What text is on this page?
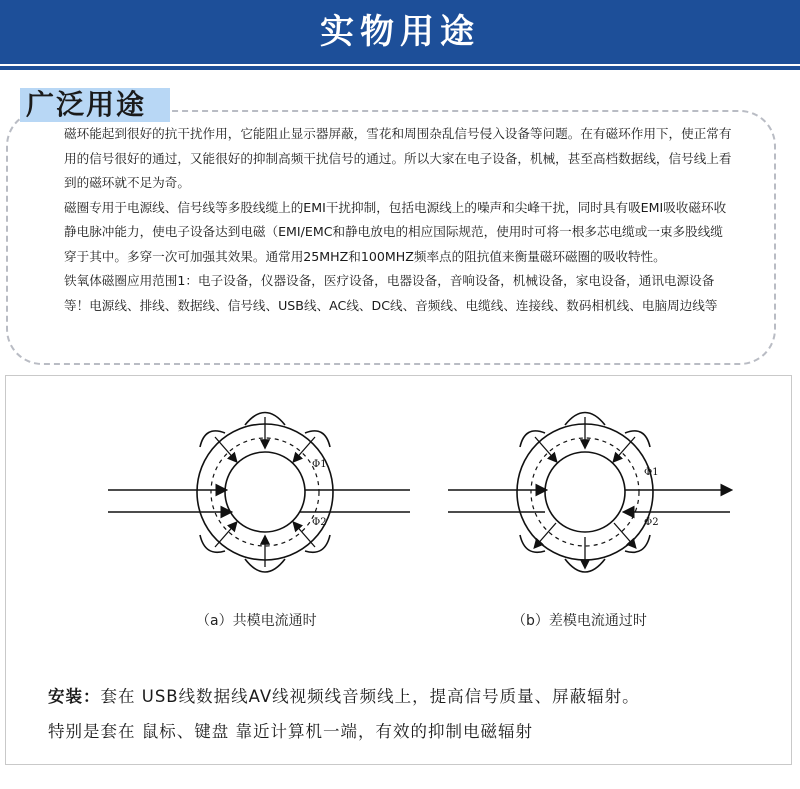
实物用途
广泛用途

磁环能起到很好的抗干扰作用，它能阻止显示器屏蔽，雪花和周围杂乱信号侵入设备等问题。在有磁环作用下，使正常有用的信号很好的通过，又能很好的抑制高频干扰信号的通过。所以大家在电子设备，机械，甚至高档数据线，信号线上看到的磁环就不足为奇。

磁圈专用于电源线、信号线等多股线缆上的EMI干扰抑制，包括电源线上的噪声和尖峰干扰，同时具有吸EMI吸收磁环收静电脉冲能力，使电子设备达到电磁（EMI/EMC和静电放电的相应国际规范，使用时可将一根多芯电缆或一束多股线缆穿于其中。多穿一次可加强其效果。通常用25MHZ和100MHZ频率点的阻抗值来衡量磁环磁圈的吸收特性。

铁氧体磁圈应用范围1：电子设备，仪器设备，医疗设备，电器设备，音响设备，机械设备，家电设备，通讯电源设备等！电源线、排线、数据线、信号线、USB线、AC线、DC线、音频线、电缆线、连接线、数码相机线、电脑周边线等

Φ1
Φ2
Φ1
Φ2
（a）共模电流通时	（b）差模电流通过时
安装：套在 USB线数据线AV线视频线音频线上，提高信号质量、屏蔽辐射。
特别是套在 鼠标、键盘 靠近计算机一端，有效的抑制电磁辐射
